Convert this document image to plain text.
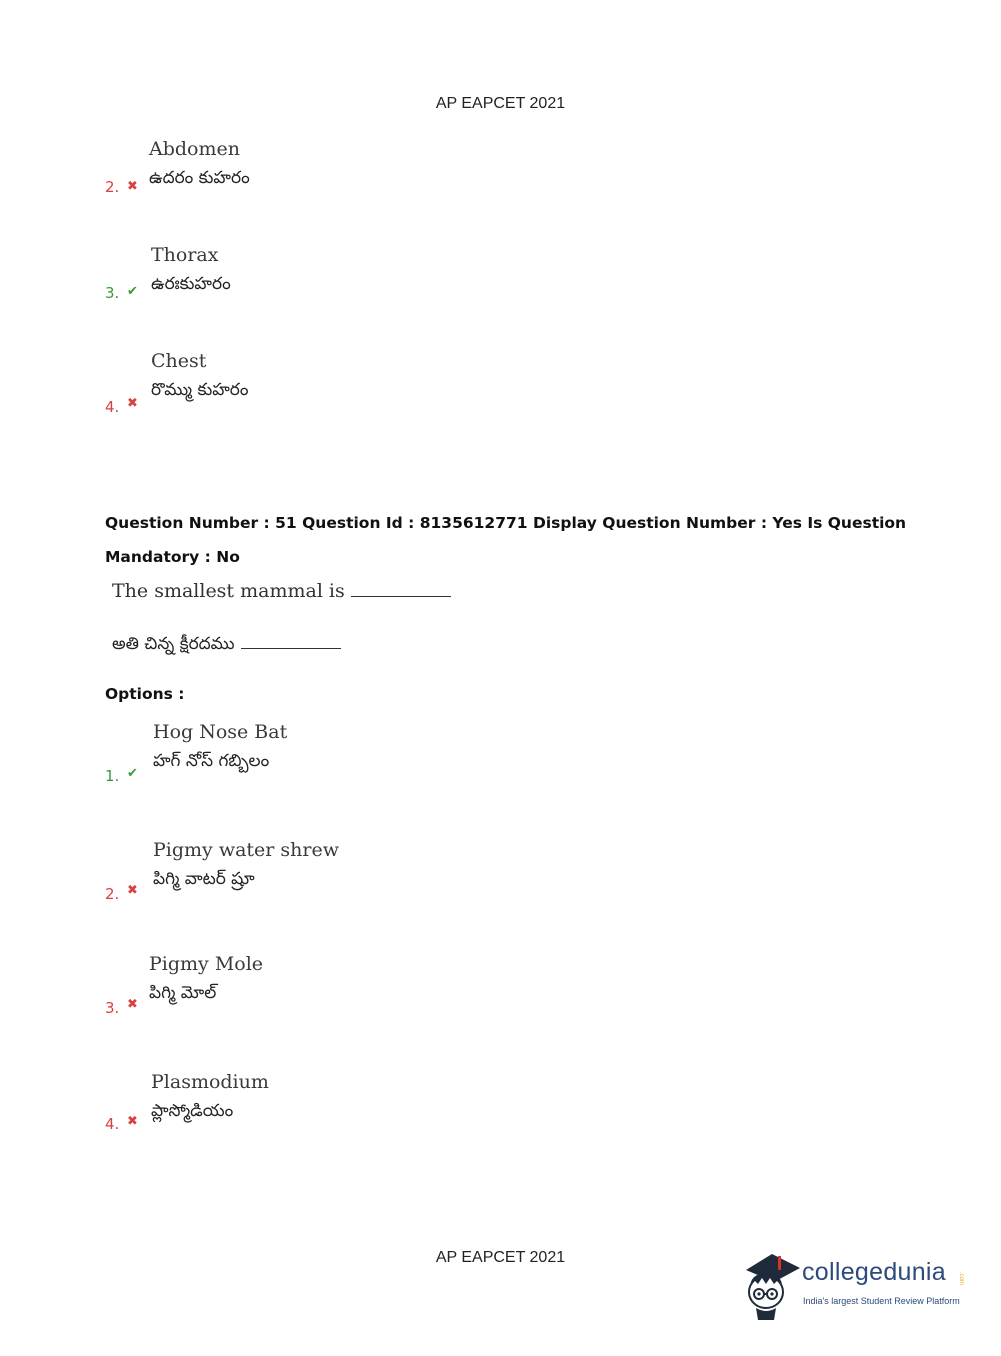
AP EAPCET 2021
2. ✖
Abdomen
ఉదరం కుహరం
3. ✔
Thorax
ఉరఃకుహరం
4. ✖
Chest
రొమ్ము కుహరం
Question Number : 51 Question Id : 8135612771 Display Question Number : Yes Is Question
Mandatory : No
The smallest mammal is
అతి చిన్న క్షీరదము
Options :
1. ✔
Hog Nose Bat
హగ్ నోస్ గబ్బిలం
2. ✖
Pigmy water shrew
పిగ్మి వాటర్ ష్రూ
3. ✖
Pigmy Mole
పిగ్మి మోల్
4. ✖
Plasmodium
ప్లాస్మోడియం
AP EAPCET 2021
collegedunia .com
India's largest Student Review Platform
